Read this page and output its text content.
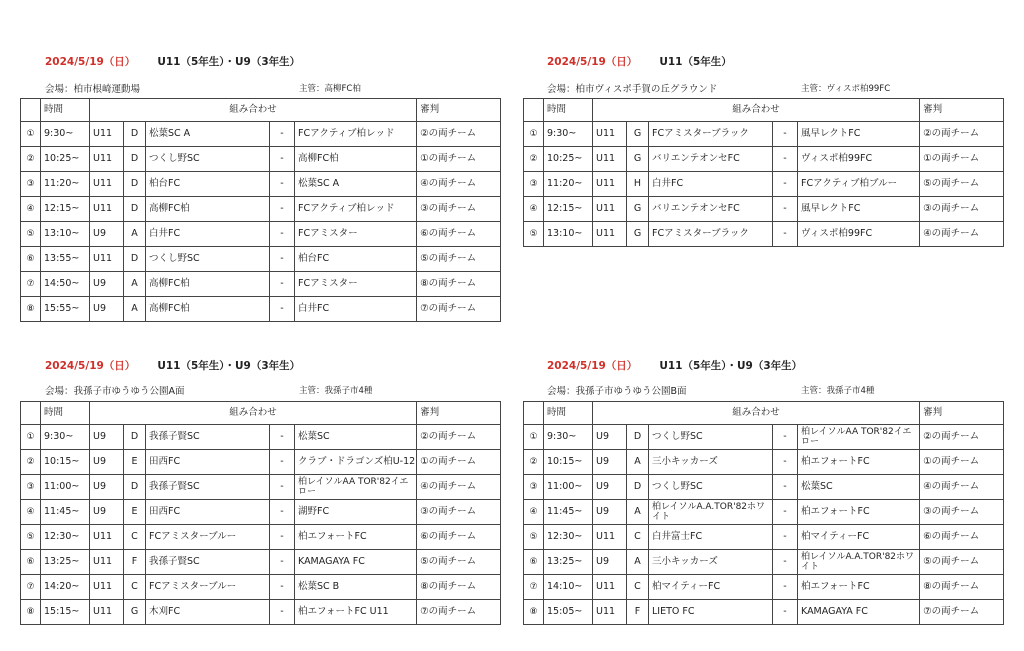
2024/5/19（日） U11（5年生）・U9（3年生）
会場：柏市根崎運動場	主管：高柳FC柏
	時間	組み合わせ					審判
①	9:30~	U11	D	松葉SC A	-	FCアクティブ柏レッド	②の両チーム
②	10:25~	U11	D	つくし野SC	-	高柳FC柏	①の両チーム
③	11:20~	U11	D	柏台FC	-	松葉SC A	④の両チーム
④	12:15~	U11	D	高柳FC柏	-	FCアクティブ柏レッド	③の両チーム
⑤	13:10~	U9	A	白井FC	-	FCアミスター	⑥の両チーム
⑥	13:55~	U11	D	つくし野SC	-	柏台FC	⑤の両チーム
⑦	14:50~	U9	A	高柳FC柏	-	FCアミスター	⑧の両チーム
⑧	15:55~	U9	A	高柳FC柏	-	白井FC	⑦の両チーム
2024/5/19（日） U11（5年生）
会場：柏市ヴィスポ手賀の丘グラウンド	主管：ヴィスポ柏99FC
	時間	組み合わせ					審判
①	9:30~	U11	G	FCアミスターブラック	-	風早レクトFC	②の両チーム
②	10:25~	U11	G	バリエンテオンセFC	-	ヴィスポ柏99FC	①の両チーム
③	11:20~	U11	H	白井FC	-	FCアクティブ柏ブルー	⑤の両チーム
④	12:15~	U11	G	バリエンテオンセFC	-	風早レクトFC	③の両チーム
⑤	13:10~	U11	G	FCアミスターブラック	-	ヴィスポ柏99FC	④の両チーム
2024/5/19（日） U11（5年生）・U9（3年生）
会場：我孫子市ゆうゆう公園A面	主管：我孫子市4種
	時間	組み合わせ					審判
①	9:30~	U9	D	我孫子賢SC	-	松葉SC	②の両チーム
②	10:15~	U9	E	田西FC	-	クラブ・ドラゴンズ柏U-12	①の両チーム
③	11:00~	U9	D	我孫子賢SC	-	柏レイソルAA TOR'82イエロー	④の両チーム
④	11:45~	U9	E	田西FC	-	湖野FC	③の両チーム
⑤	12:30~	U11	C	FCアミスターブルー	-	柏エフォートFC	⑥の両チーム
⑥	13:25~	U11	F	我孫子賢SC	-	KAMAGAYA FC	⑤の両チーム
⑦	14:20~	U11	C	FCアミスターブルー	-	松葉SC B	⑧の両チーム
⑧	15:15~	U11	G	木刈FC	-	柏エフォートFC U11	⑦の両チーム
2024/5/19（日） U11（5年生）・U9（3年生）
会場：我孫子市ゆうゆう公園B面	主管：我孫子市4種
	時間	組み合わせ					審判
①	9:30~	U9	D	つくし野SC	-	柏レイソルAA TOR'82イエロー	②の両チーム
②	10:15~	U9	A	三小キッカーズ	-	柏エフォートFC	①の両チーム
③	11:00~	U9	D	つくし野SC	-	松葉SC	④の両チーム
④	11:45~	U9	A	柏レイソルA.A.TOR'82ホワイト	-	柏エフォートFC	③の両チーム
⑤	12:30~	U11	C	白井富士FC	-	柏マイティーFC	⑥の両チーム
⑥	13:25~	U9	A	三小キッカーズ	-	柏レイソルA.A.TOR'82ホワイト	⑤の両チーム
⑦	14:10~	U11	C	柏マイティーFC	-	柏エフォートFC	⑧の両チーム
⑧	15:05~	U11	F	LIETO FC	-	KAMAGAYA FC	⑦の両チーム
